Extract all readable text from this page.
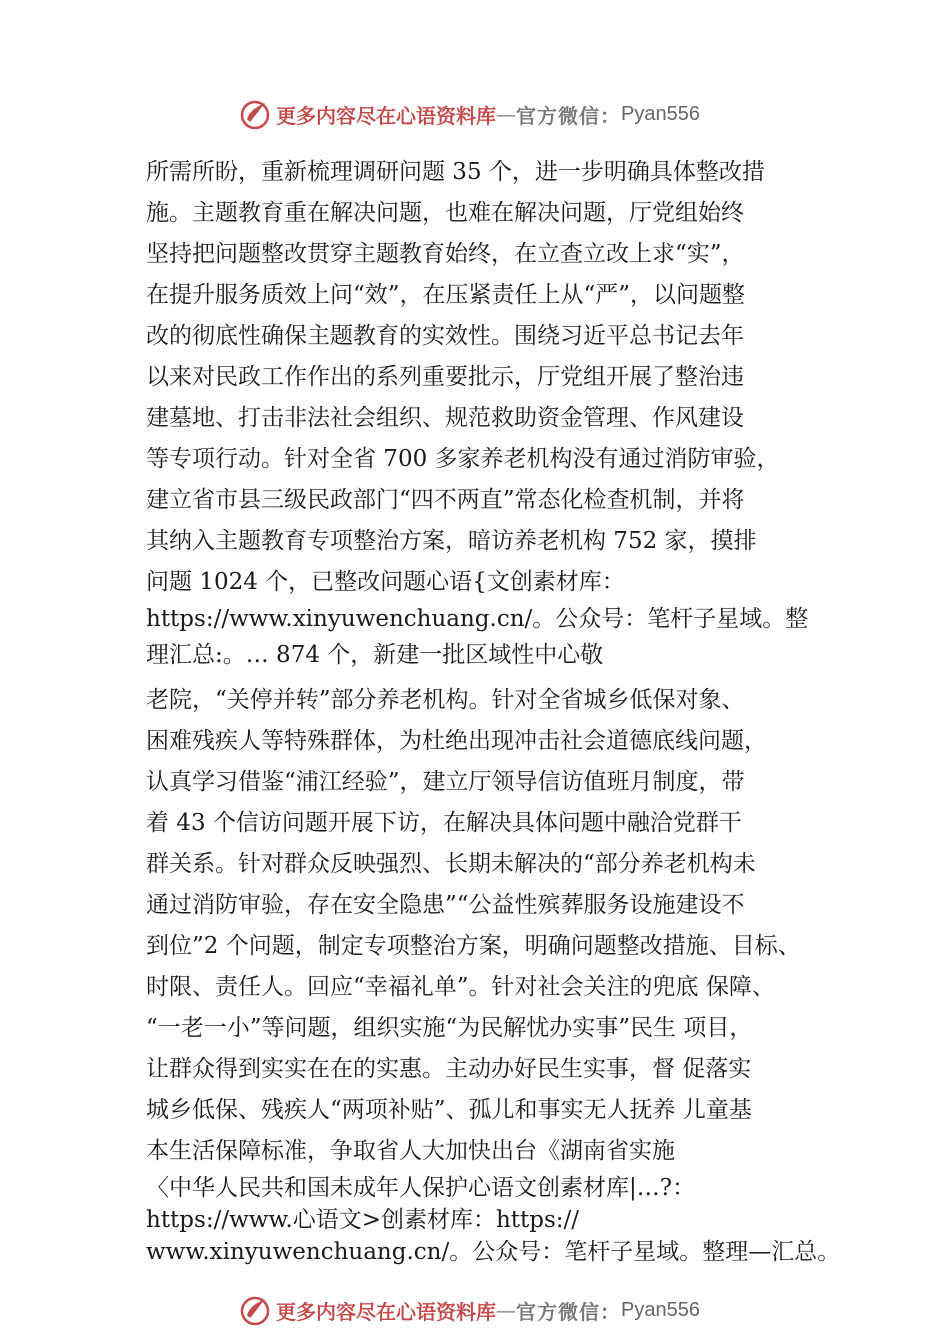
更多内容尽在心语资料库 — 官方微信： Pyan556
所需所盼，重新梳理调研问题 35 个，进一步明确具体整改措
施。主题教育重在解决问题，也难在解决问题，厅党组始终
坚持把问题整改贯穿主题教育始终，在立查立改上求“实”，
在提升服务质效上问“效”，在压紧责任上从“严”，以问题整
改的彻底性确保主题教育的实效性。围绕习近平总书记去年
以来对民政工作作出的系列重要批示，厅党组开展了整治违
建墓地、打击非法社会组织、规范救助资金管理、作风建设
等专项行动。针对全省 700 多家养老机构没有通过消防审验，
建立省市县三级民政部门“四不两直”常态化检查机制，并将
其纳入主题教育专项整治方案，暗访养老机构 752 家，摸排
问题 1024 个，已整改问题心语{文创素材库：
https://www.xinyuwenchuang.cn/。公众号：笔杆子星域。整
理汇总:。… 874 个，新建一批区域性中心敬
老院，“关停并转”部分养老机构。针对全省城乡低保对象、
困难残疾人等特殊群体，为杜绝出现冲击社会道德底线问题，
认真学习借鉴“浦江经验”，建立厅领导信访值班月制度，带
着 43 个信访问题开展下访，在解决具体问题中融洽党群干
群关系。针对群众反映强烈、长期未解决的“部分养老机构未
通过消防审验，存在安全隐患”“公益性殡葬服务设施建设不
到位”2 个问题，制定专项整治方案，明确问题整改措施、目标、
时限、责任人。回应“幸福礼单”。针对社会关注的兜底 保障、
“一老一小”等问题，组织实施“为民解忧办实事”民生 项目，
让群众得到实实在在的实惠。主动办好民生实事，督 促落实
城乡低保、残疾人“两项补贴”、孤儿和事实无人抚养 儿童基
本生活保障标准，争取省人大加快出台《湖南省实施
〈中华人民共和国未成年人保护心语文创素材库|…?：
https://www.心语文>创素材库：https://
www.xinyuwenchuang.cn/。公众号：笔杆子星域。整理—汇总。
更多内容尽在心语资料库 — 官方微信： Pyan556
